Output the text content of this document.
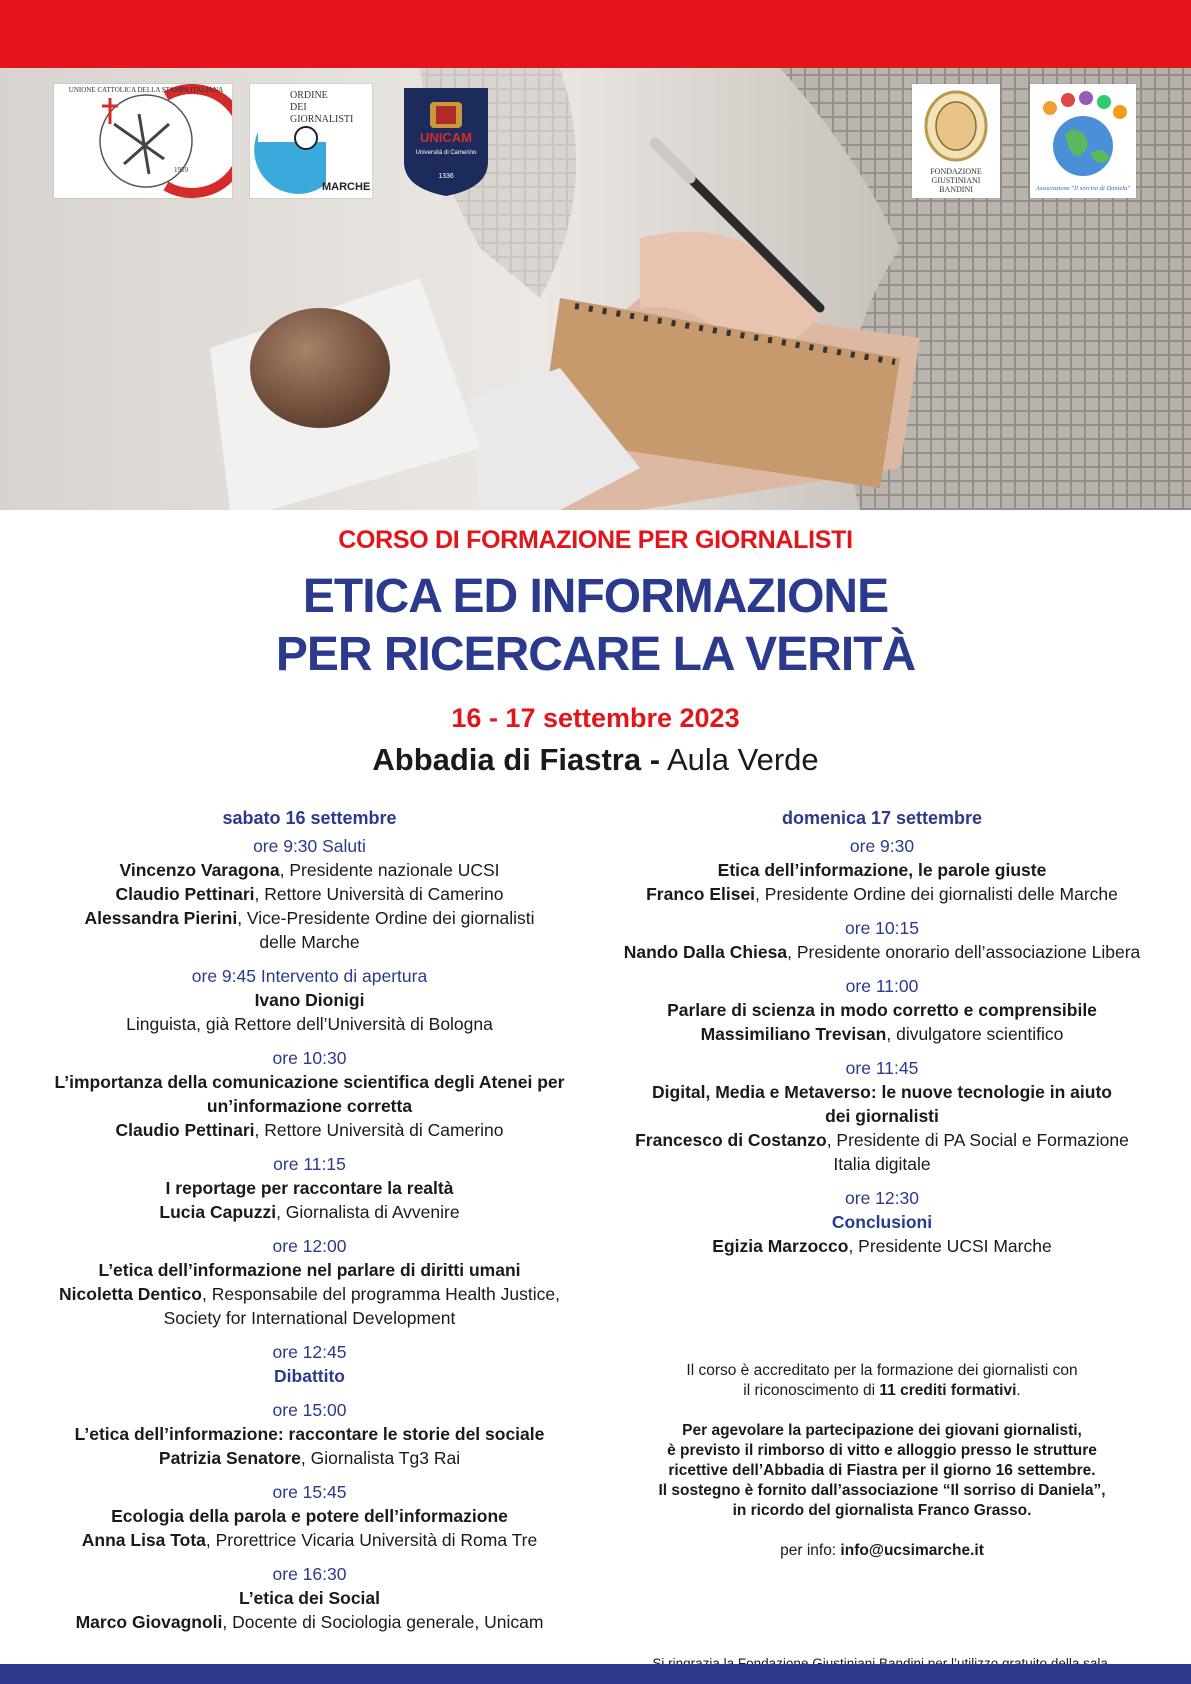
UNIONE CATTOLICA DELLA STAMPA ITALIANA
1959
ORDINE
DEI
GIORNALISTI
MARCHE
UNICAM
Università di Camerino
1336
FONDAZIONE
GIUSTINIANI
BANDINI	Associazione "Il sorriso di Daniela"
CORSO DI FORMAZIONE PER GIORNALISTI
ETICA ED INFORMAZIONE
PER RICERCARE LA VERITÀ
16 - 17 settembre 2023
Abbadia di Fiastra - Aula Verde
sabato 16 settembre
ore 9:30 Saluti
Vincenzo Varagona, Presidente nazionale UCSI
Claudio Pettinari, Rettore Università di Camerino
Alessandra Pierini, Vice-Presidente Ordine dei giornalisti
delle Marche
ore 9:45 Intervento di apertura
Ivano Dionigi
Linguista, già Rettore dell’Università di Bologna
ore 10:30
L’importanza della comunicazione scientifica degli Atenei per
un’informazione corretta
Claudio Pettinari, Rettore Università di Camerino
ore 11:15
I reportage per raccontare la realtà
Lucia Capuzzi, Giornalista di Avvenire
ore 12:00
L’etica dell’informazione nel parlare di diritti umani
Nicoletta Dentico, Responsabile del programma Health Justice,
Society for International Development
ore 12:45
Dibattito
ore 15:00
L’etica dell’informazione: raccontare le storie del sociale
Patrizia Senatore, Giornalista Tg3 Rai
ore 15:45
Ecologia della parola e potere dell’informazione
Anna Lisa Tota, Prorettrice Vicaria Università di Roma Tre
ore 16:30
L’etica dei Social
Marco Giovagnoli, Docente di Sociologia generale, Unicam
domenica 17 settembre
ore 9:30
Etica dell’informazione, le parole giuste
Franco Elisei, Presidente Ordine dei giornalisti delle Marche
ore 10:15
Nando Dalla Chiesa, Presidente onorario dell’associazione Libera
ore 11:00
Parlare di scienza in modo corretto e comprensibile
Massimiliano Trevisan, divulgatore scientifico
ore 11:45
Digital, Media e Metaverso: le nuove tecnologie in aiuto
dei giornalisti
Francesco di Costanzo, Presidente di PA Social e Formazione
Italia digitale
ore 12:30
Conclusioni
Egizia Marzocco, Presidente UCSI Marche

Il corso è accreditato per la formazione dei giornalisti con
il riconoscimento di 11 crediti formativi.

Per agevolare la partecipazione dei giovani giornalisti,
è previsto il rimborso di vitto e alloggio presso le strutture
ricettive dell’Abbadia di Fiastra per il giorno 16 settembre.
Il sostegno è fornito dall’associazione “Il sorriso di Daniela”,
in ricordo del giornalista Franco Grasso.

per info: info@ucsimarche.it
